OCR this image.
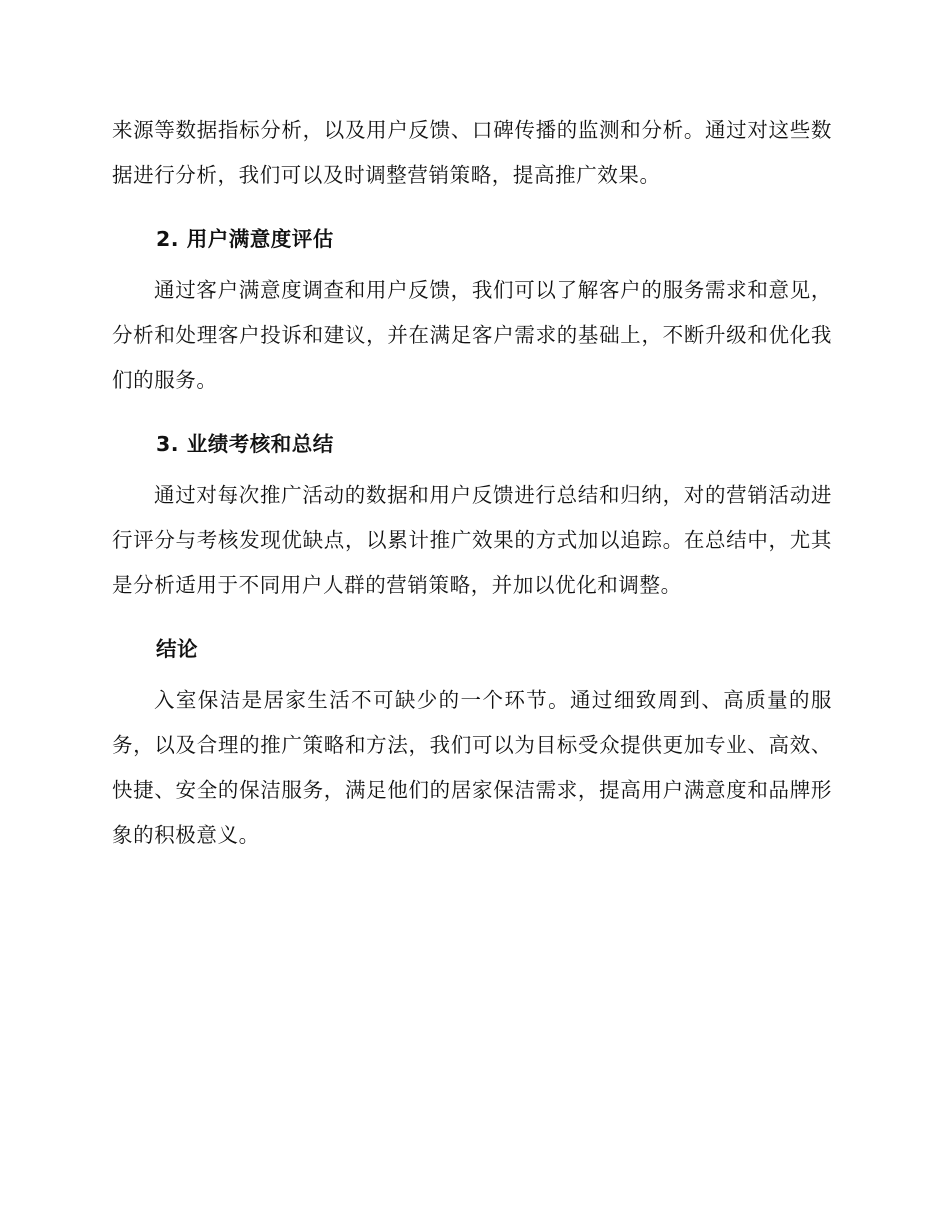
来源等数据指标分析，以及用户反馈、口碑传播的监测和分析。通过对这些数据进行分析，我们可以及时调整营销策略，提高推广效果。

2. 用户满意度评估

通过客户满意度调查和用户反馈，我们可以了解客户的服务需求和意见，分析和处理客户投诉和建议，并在满足客户需求的基础上，不断升级和优化我们的服务。

3. 业绩考核和总结

通过对每次推广活动的数据和用户反馈进行总结和归纳，对的营销活动进行评分与考核发现优缺点，以累计推广效果的方式加以追踪。在总结中，尤其是分析适用于不同用户人群的营销策略，并加以优化和调整。

结论

入室保洁是居家生活不可缺少的一个环节。通过细致周到、高质量的服务，以及合理的推广策略和方法，我们可以为目标受众提供更加专业、高效、快捷、安全的保洁服务，满足他们的居家保洁需求，提高用户满意度和品牌形象的积极意义。
